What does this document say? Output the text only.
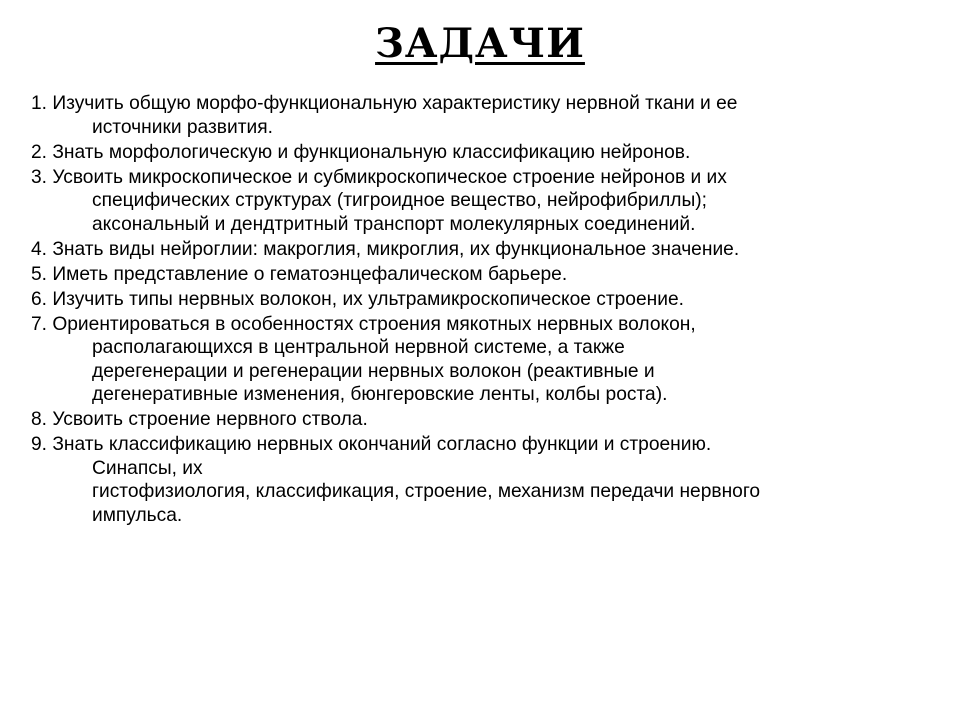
ЗАДАЧИ
1. Изучить общую морфо-функциональную характеристику нервной ткани и ее
источники развития.
2. Знать морфологическую и функциональную классификацию нейронов.
3. Усвоить микроскопическое и субмикроскопическое строение нейронов и их
специфических структурах (тигроидное вещество, нейрофибриллы);
аксональный и дендтритный транспорт молекулярных соединений.
4. Знать виды нейроглии: макроглия, микроглия, их функциональное значение.
5. Иметь представление о гематоэнцефалическом барьере.
6. Изучить типы нервных волокон, их ультрамикроскопическое строение.
7. Ориентироваться в особенностях строения мякотных нервных волокон,
располагающихся в центральной нервной системе, а также
дерегенерации и регенерации нервных волокон (реактивные и
дегенеративные изменения, бюнгеровские ленты, колбы роста).
8. Усвоить строение нервного ствола.
9. Знать классификацию нервных окончаний согласно функции и строению.
Синапсы, их
гистофизиология, классификация, строение, механизм передачи нервного
импульса.
